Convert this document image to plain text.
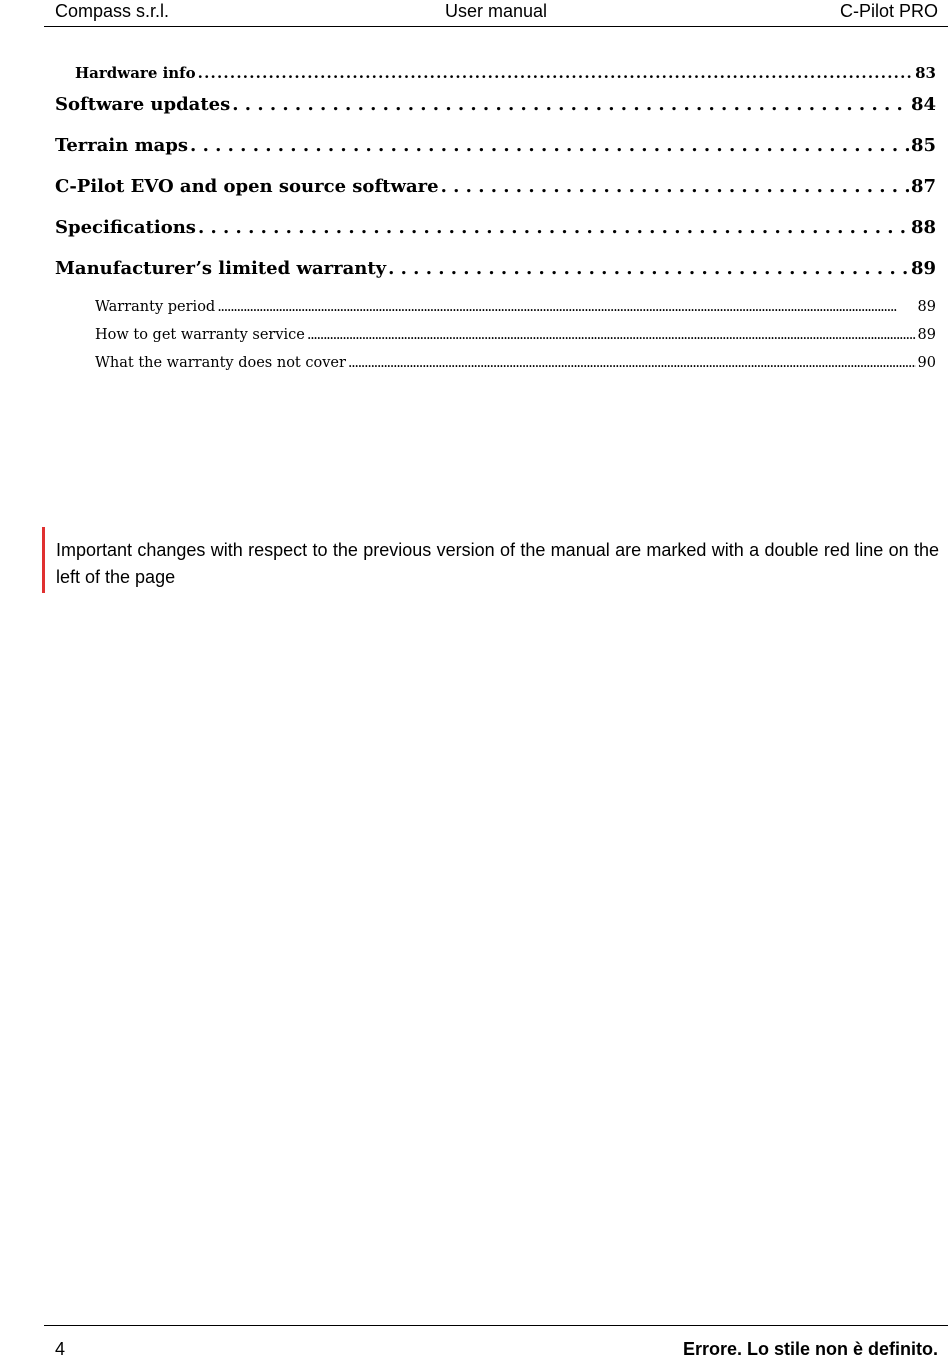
Compass s.r.l.	User manual	C-Pilot PRO
Hardware info . . .	83
Software updates . . .	84
Terrain maps . . .	85
C-Pilot EVO and open source software . . .	87
Specifications . . .	88
Manufacturer’s limited warranty . . .	89
Warranty period . . .	89
How to get warranty service . . .	89
What the warranty does not cover . . .	90

Important changes with respect to the previous version of the manual are marked with a double red line on the left of the page

4	Errore. Lo stile non è definito.
